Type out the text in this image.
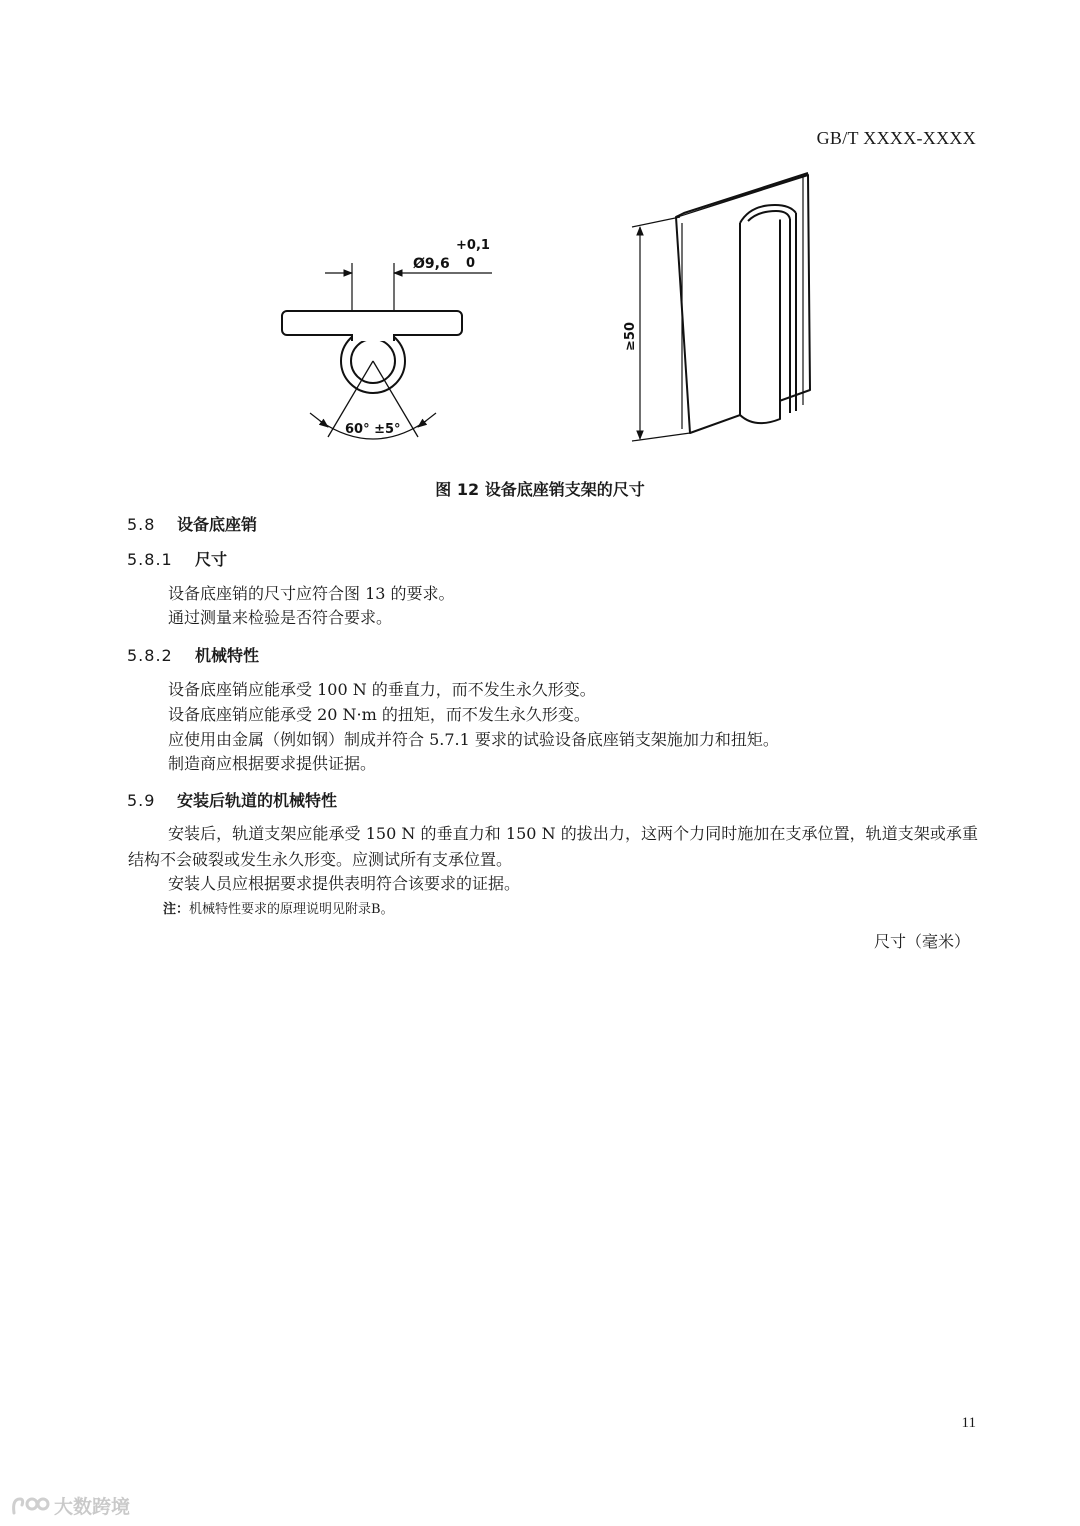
GB/T XXXX-XXXX
Ø9,6
+0,1
0
60° ±5°
≥50
图 12 设备底座销支架的尺寸
5.8 设备底座销
5.8.1 尺寸
设备底座销的尺寸应符合图 13 的要求。
通过测量来检验是否符合要求。
5.8.2 机械特性
设备底座销应能承受 100 N 的垂直力，而不发生永久形变。
设备底座销应能承受 20 N·m 的扭矩，而不发生永久形变。
应使用由金属（例如钢）制成并符合 5.7.1 要求的试验设备底座销支架施加力和扭矩。
制造商应根据要求提供证据。
5.9 安装后轨道的机械特性
安装后，轨道支架应能承受 150 N 的垂直力和 150 N 的拔出力，这两个力同时施加在支承位置，轨道支架或承重结构不会破裂或发生永久形变。应测试所有支承位置。
安装人员应根据要求提供表明符合该要求的证据。
注：机械特性要求的原理说明见附录B。
尺寸（毫米）
11
大数跨境
